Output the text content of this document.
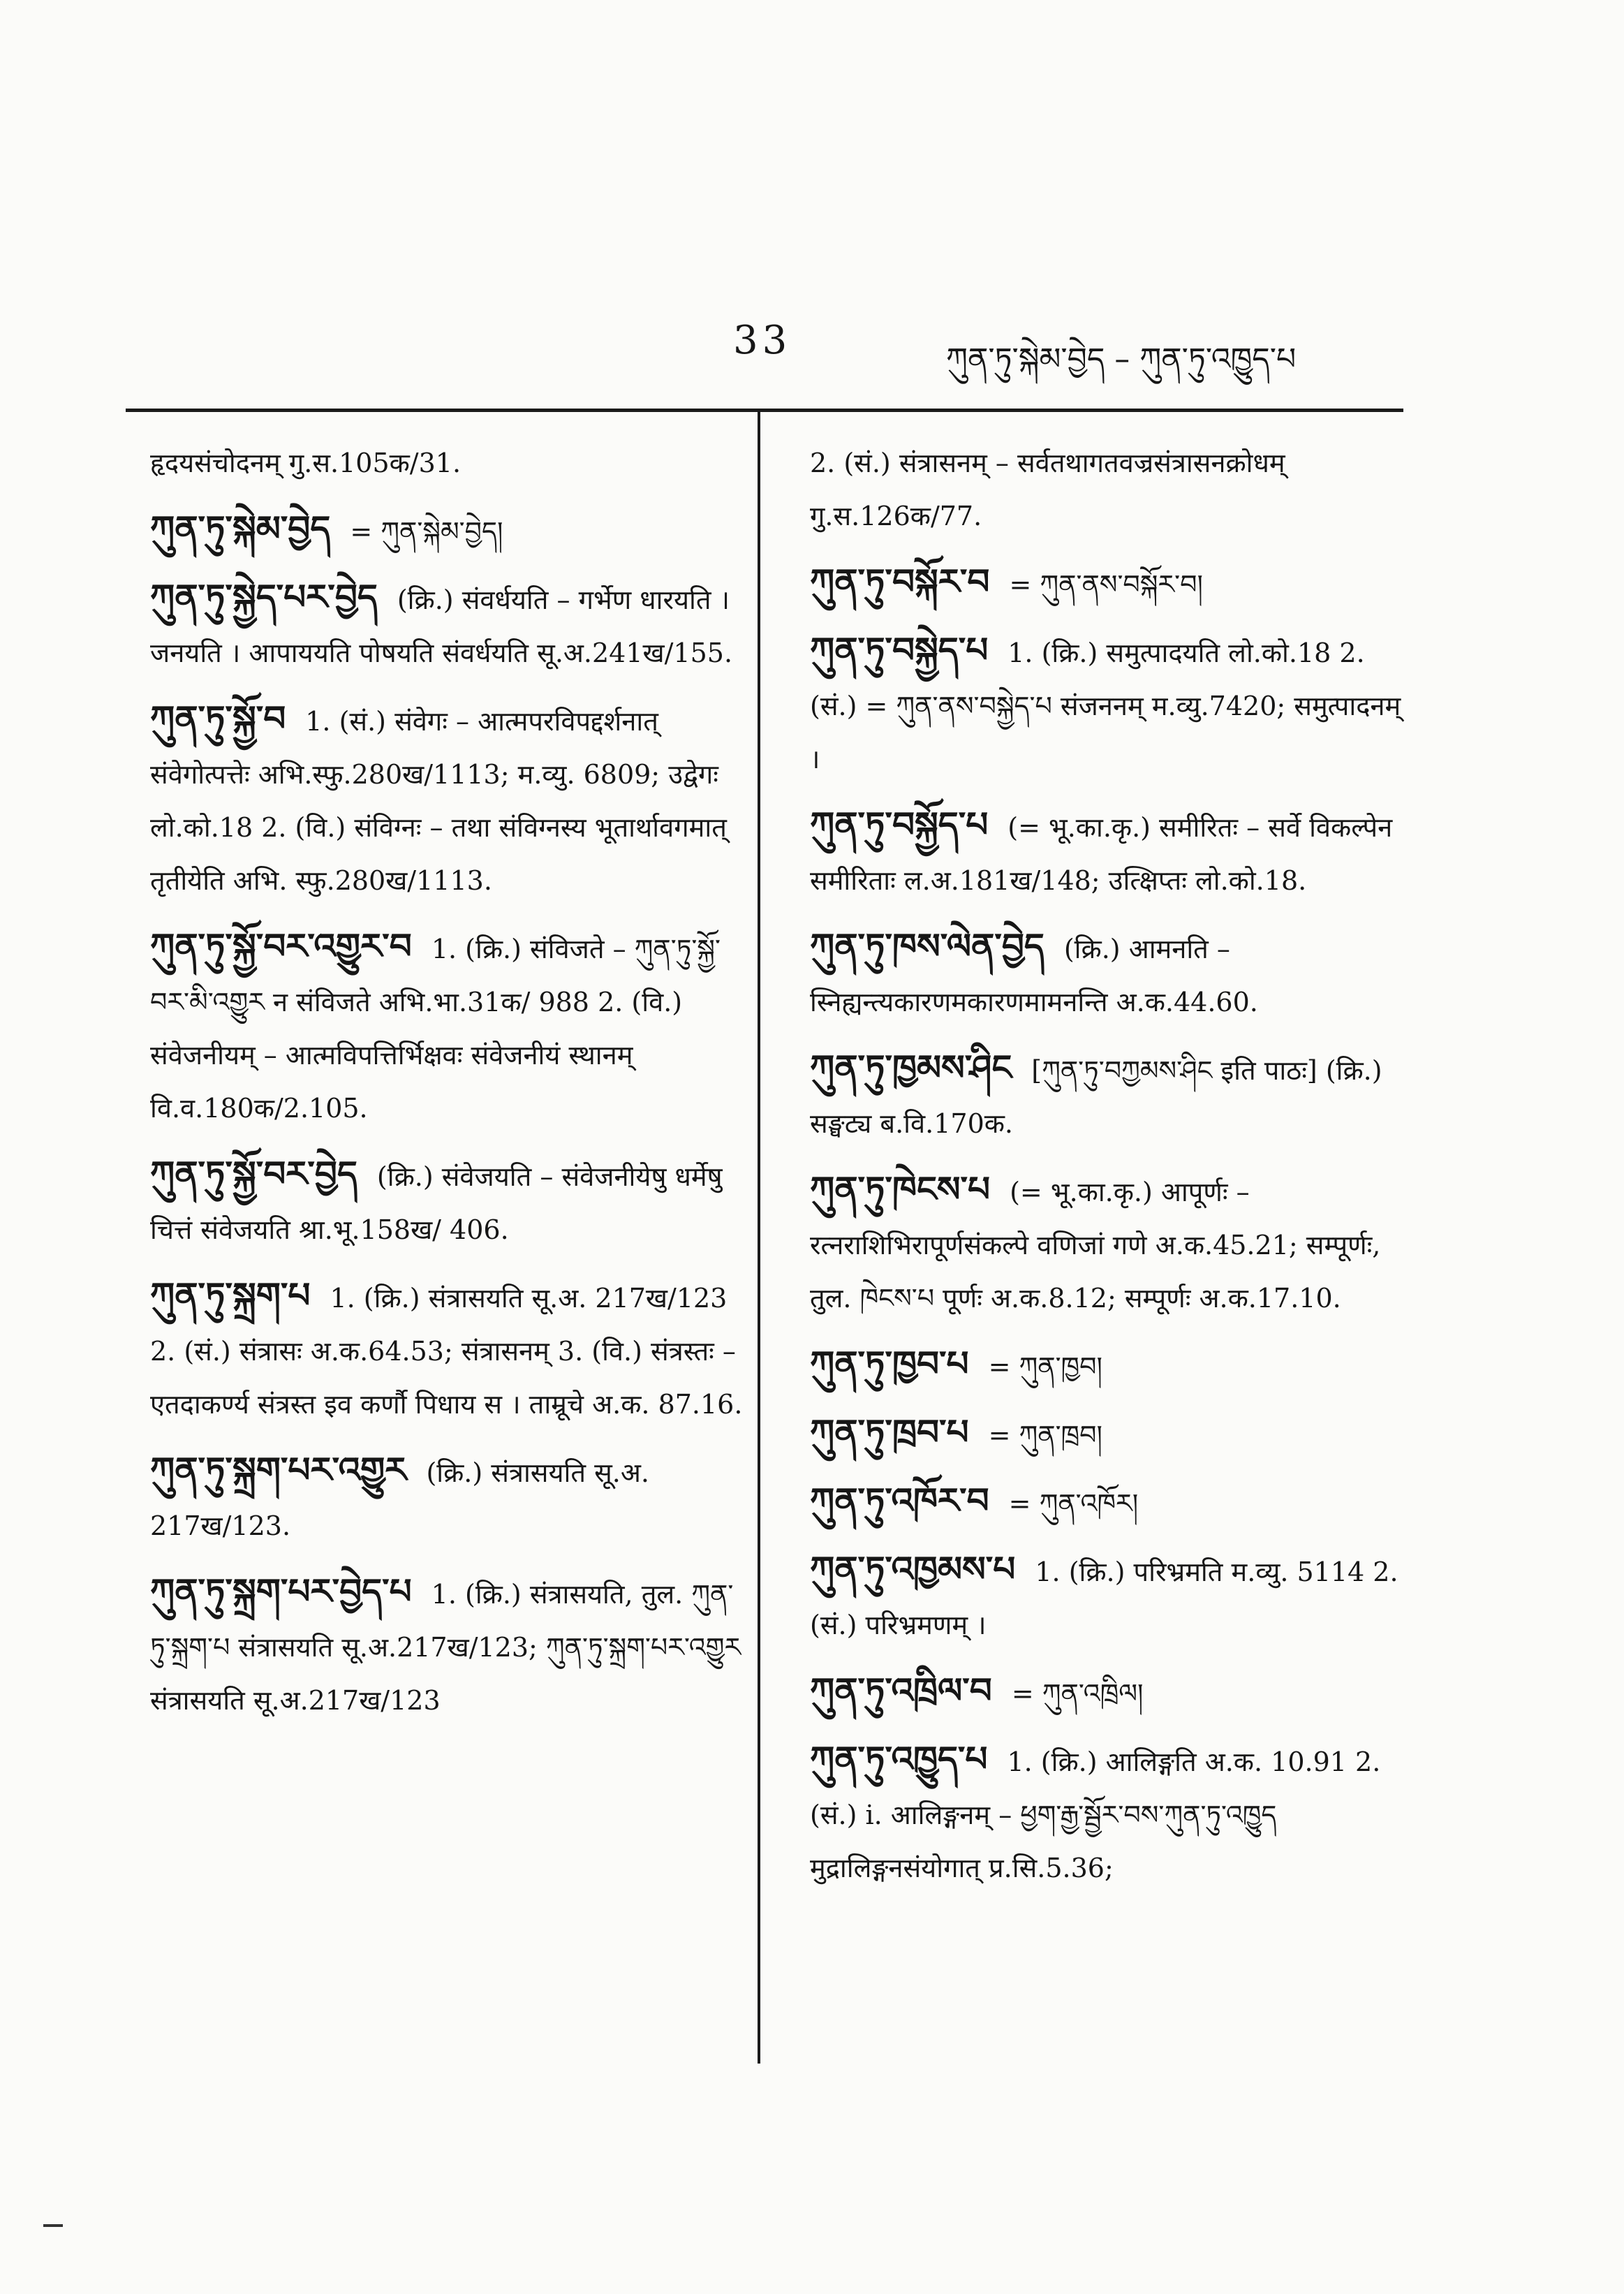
33	ཀུན་ཏུ་སྐེམ་བྱེད – ཀུན་ཏུ་འཁྱུད་པ

हृदयसंचोदनम् गु.स.105क/31.

ཀུན་ཏུ་སྐེམ་བྱེད = ཀུན་སྐེམ་བྱེད།

ཀུན་ཏུ་སྐྱེད་པར་བྱེད (क्रि.) संवर्धयति – गर्भेण धारयति । जनयति । आपाययति पोषयति संवर्धयति सू.अ.241ख/155.

ཀུན་ཏུ་སྐྱོ་བ 1. (सं.) संवेगः – आत्मपरविपद्दर्शनात् संवेगोत्पत्तेः अभि.स्फु.280ख/1113; म.व्यु. 6809; उद्वेगः लो.को.18 2. (वि.) संविग्नः – तथा संविग्नस्य भूतार्थावगमात् तृतीयेति अभि. स्फु.280ख/1113.

ཀུན་ཏུ་སྐྱོ་བར་འགྱུར་བ 1. (क्रि.) संविजते – ཀུན་ཏུ་སྐྱོ་བར་མི་འགྱུར न संविजते अभि.भा.31क/ 988 2. (वि.) संवेजनीयम् – आत्मविपत्तिर्भिक्षवः संवेजनीयं स्थानम् वि.व.180क/2.105.

ཀུན་ཏུ་སྐྱོ་བར་བྱེད (क्रि.) संवेजयति – संवेजनीयेषु धर्मेषु चित्तं संवेजयति श्रा.भू.158ख/ 406.

ཀུན་ཏུ་སྐྲག་པ 1. (क्रि.) संत्रासयति सू.अ. 217ख/123 2. (सं.) संत्रासः अ.क.64.53; संत्रासनम् 3. (वि.) संत्रस्तः – एतदाकर्ण्य संत्रस्त इव कर्णौ पिधाय स । ताम्रूचे अ.क. 87.16.

ཀུན་ཏུ་སྐྲག་པར་འགྱུར (क्रि.) संत्रासयति सू.अ. 217ख/123.

ཀུན་ཏུ་སྐྲག་པར་བྱེད་པ 1. (क्रि.) संत्रासयति, तुल. ཀུན་ཏུ་སྐྲག་པ संत्रासयति सू.अ.217ख/123; ཀུན་ཏུ་སྐྲག་པར་འགྱུར संत्रासयति सू.अ.217ख/123

2. (सं.) संत्रासनम् – सर्वतथागतवज्रसंत्रासनक्रोधम् गु.स.126क/77.

ཀུན་ཏུ་བསྐོར་བ = ཀུན་ནས་བསྐོར་བ།

ཀུན་ཏུ་བསྐྱེད་པ 1. (क्रि.) समुत्पादयति लो.को.18 2. (सं.) = ཀུན་ནས་བསྐྱེད་པ संजननम् म.व्यु.7420; समुत्पादनम् ।

ཀུན་ཏུ་བསྐྱོད་པ (= भू.का.कृ.) समीरितः – सर्वे विकल्पेन समीरिताः ल.अ.181ख/148; उत्क्षिप्तः लो.को.18.

ཀུན་ཏུ་ཁས་ལེན་བྱེད (क्रि.) आमनति – स्निह्यन्त्यकारणमकारणमामनन्ति अ.क.44.60.

ཀུན་ཏུ་ཁྱམས་ཤིང [ཀུན་ཏུ་བཀྱམས་ཤིང इति पाठः] (क्रि.) सङ्घट्य ब.वि.170क.

ཀུན་ཏུ་ཁེངས་པ (= भू.का.कृ.) आपूर्णः – रत्नराशिभिरापूर्णसंकल्पे वणिजां गणे अ.क.45.21; सम्पूर्णः, तुल. ཁེངས་པ पूर्णः अ.क.8.12; सम्पूर्णः अ.क.17.10.

ཀུན་ཏུ་ཁྱབ་པ = ཀུན་ཁྱབ།

ཀུན་ཏུ་ཁྲབ་པ = ཀུན་ཁྲབ།

ཀུན་ཏུ་འཁོར་བ = ཀུན་འཁོར།

ཀུན་ཏུ་འཁྱམས་པ 1. (क्रि.) परिभ्रमति म.व्यु. 5114 2. (सं.) परिभ्रमणम् ।

ཀུན་ཏུ་འཁྲིལ་བ = ཀུན་འཁྲིལ།

ཀུན་ཏུ་འཁྱུད་པ 1. (क्रि.) आलिङ्गति अ.क. 10.91 2. (सं.) i. आलिङ्गनम् – ཕྱག་རྒྱ་སྦྱོར་བས་ཀུན་ཏུ་འཁྱུད मुद्रालिङ्गनसंयोगात् प्र.सि.5.36;
